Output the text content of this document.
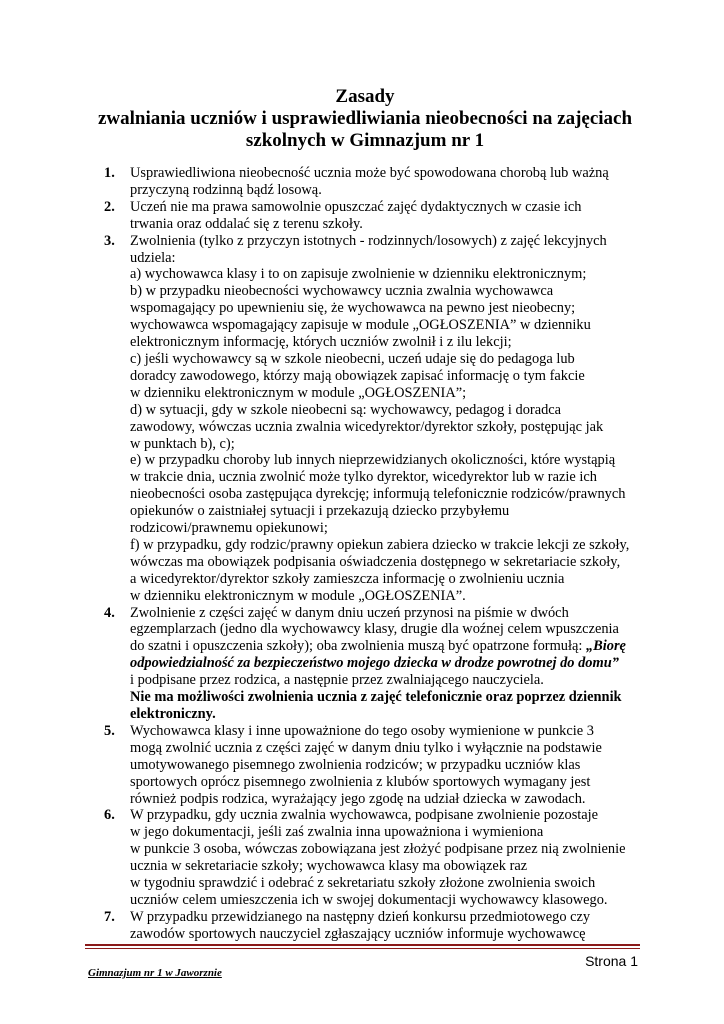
Zasady
zwalniania uczniów i usprawiedliwiania nieobecności na zajęciach
szkolnych w Gimnazjum nr 1
1.	Usprawiedliwiona nieobecność ucznia może być spowodowana chorobą lub ważną
przyczyną rodzinną bądź losową.
2.	Uczeń nie ma prawa samowolnie opuszczać zajęć dydaktycznych w czasie ich
trwania oraz oddalać się z terenu szkoły.
3.	Zwolnienia (tylko z przyczyn istotnych - rodzinnych/losowych) z zajęć lekcyjnych
udziela:
a) wychowawca klasy i to on zapisuje zwolnienie w dzienniku elektronicznym;
b) w przypadku nieobecności wychowawcy ucznia zwalnia wychowawca
wspomagający po upewnieniu się, że wychowawca na pewno jest nieobecny;
wychowawca wspomagający zapisuje w module „OGŁOSZENIA” w dzienniku
elektronicznym informację, których uczniów zwolnił i z ilu lekcji;
c) jeśli wychowawcy są w szkole nieobecni, uczeń udaje się do pedagoga lub
doradcy zawodowego, którzy mają obowiązek zapisać informację o tym fakcie
w dzienniku elektronicznym w module „OGŁOSZENIA”;
d) w sytuacji, gdy w szkole nieobecni są: wychowawcy, pedagog i doradca
zawodowy, wówczas ucznia zwalnia wicedyrektor/dyrektor szkoły, postępując jak
w punktach b), c);
e) w przypadku choroby lub innych nieprzewidzianych okoliczności, które wystąpią
w trakcie dnia, ucznia zwolnić może tylko dyrektor, wicedyrektor lub w razie ich
nieobecności osoba zastępująca dyrekcję; informują telefonicznie rodziców/prawnych
opiekunów o zaistniałej sytuacji i przekazują dziecko przybyłemu
rodzicowi/prawnemu opiekunowi;
f) w przypadku, gdy rodzic/prawny opiekun zabiera dziecko w trakcie lekcji ze szkoły,
wówczas ma obowiązek podpisania oświadczenia dostępnego w sekretariacie szkoły,
a wicedyrektor/dyrektor szkoły zamieszcza informację o zwolnieniu ucznia
w dzienniku elektronicznym w module „OGŁOSZENIA”.
4.	Zwolnienie z części zajęć w danym dniu uczeń przynosi na piśmie w dwóch
egzemplarzach (jedno dla wychowawcy klasy, drugie dla woźnej celem wpuszczenia
do szatni i opuszczenia szkoły); oba zwolnienia muszą być opatrzone formułą: „Biorę
odpowiedzialność za bezpieczeństwo mojego dziecka w drodze powrotnej do domu”
i podpisane przez rodzica, a następnie przez zwalniającego nauczyciela.
Nie ma możliwości zwolnienia ucznia z zajęć telefonicznie oraz poprzez dziennik
elektroniczny.
5.	Wychowawca klasy i inne upoważnione do tego osoby wymienione w punkcie 3
mogą zwolnić ucznia z części zajęć w danym dniu tylko i wyłącznie na podstawie
umotywowanego pisemnego zwolnienia rodziców; w przypadku uczniów klas
sportowych oprócz pisemnego zwolnienia z klubów sportowych wymagany jest
również podpis rodzica, wyrażający jego zgodę na udział dziecka w zawodach.
6.	W przypadku, gdy ucznia zwalnia wychowawca, podpisane zwolnienie pozostaje
w jego dokumentacji, jeśli zaś zwalnia inna upoważniona i wymieniona
w punkcie 3 osoba, wówczas zobowiązana jest złożyć podpisane przez nią zwolnienie
ucznia w sekretariacie szkoły; wychowawca klasy ma obowiązek raz
w tygodniu sprawdzić i odebrać z sekretariatu szkoły złożone zwolnienia swoich
uczniów celem umieszczenia ich w swojej dokumentacji wychowawcy klasowego.
7.	W przypadku przewidzianego na następny dzień konkursu przedmiotowego czy
zawodów sportowych nauczyciel zgłaszający uczniów informuje wychowawcę
Strona 1
Gimnazjum nr 1 w Jaworznie
